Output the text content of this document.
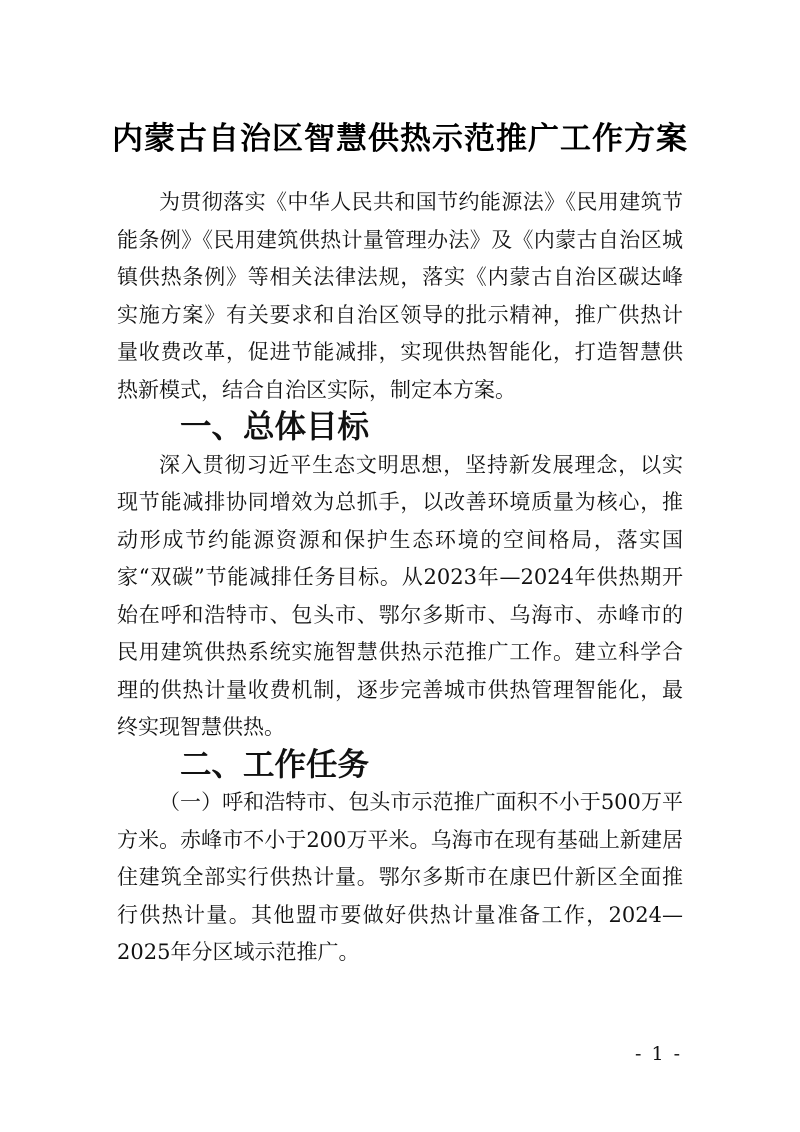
内蒙古自治区智慧供热示范推广工作方案

为贯彻落实《中华人民共和国节约能源法》《民用建筑节能条例》《民用建筑供热计量管理办法》及《内蒙古自治区城镇供热条例》等相关法律法规，落实《内蒙古自治区碳达峰实施方案》有关要求和自治区领导的批示精神，推广供热计量收费改革，促进节能减排，实现供热智能化，打造智慧供热新模式，结合自治区实际，制定本方案。

一、总体目标

深入贯彻习近平生态文明思想，坚持新发展理念，以实现节能减排协同增效为总抓手，以改善环境质量为核心，推动形成节约能源资源和保护生态环境的空间格局，落实国家“双碳”节能减排任务目标。从2023年—2024年供热期开始在呼和浩特市、包头市、鄂尔多斯市、乌海市、赤峰市的民用建筑供热系统实施智慧供热示范推广工作。建立科学合理的供热计量收费机制，逐步完善城市供热管理智能化，最终实现智慧供热。

二、工作任务

（一）呼和浩特市、包头市示范推广面积不小于500万平方米。赤峰市不小于200万平米。乌海市在现有基础上新建居住建筑全部实行供热计量。鄂尔多斯市在康巴什新区全面推行供热计量。其他盟市要做好供热计量准备工作，2024—2025年分区域示范推广。

- 1 -
